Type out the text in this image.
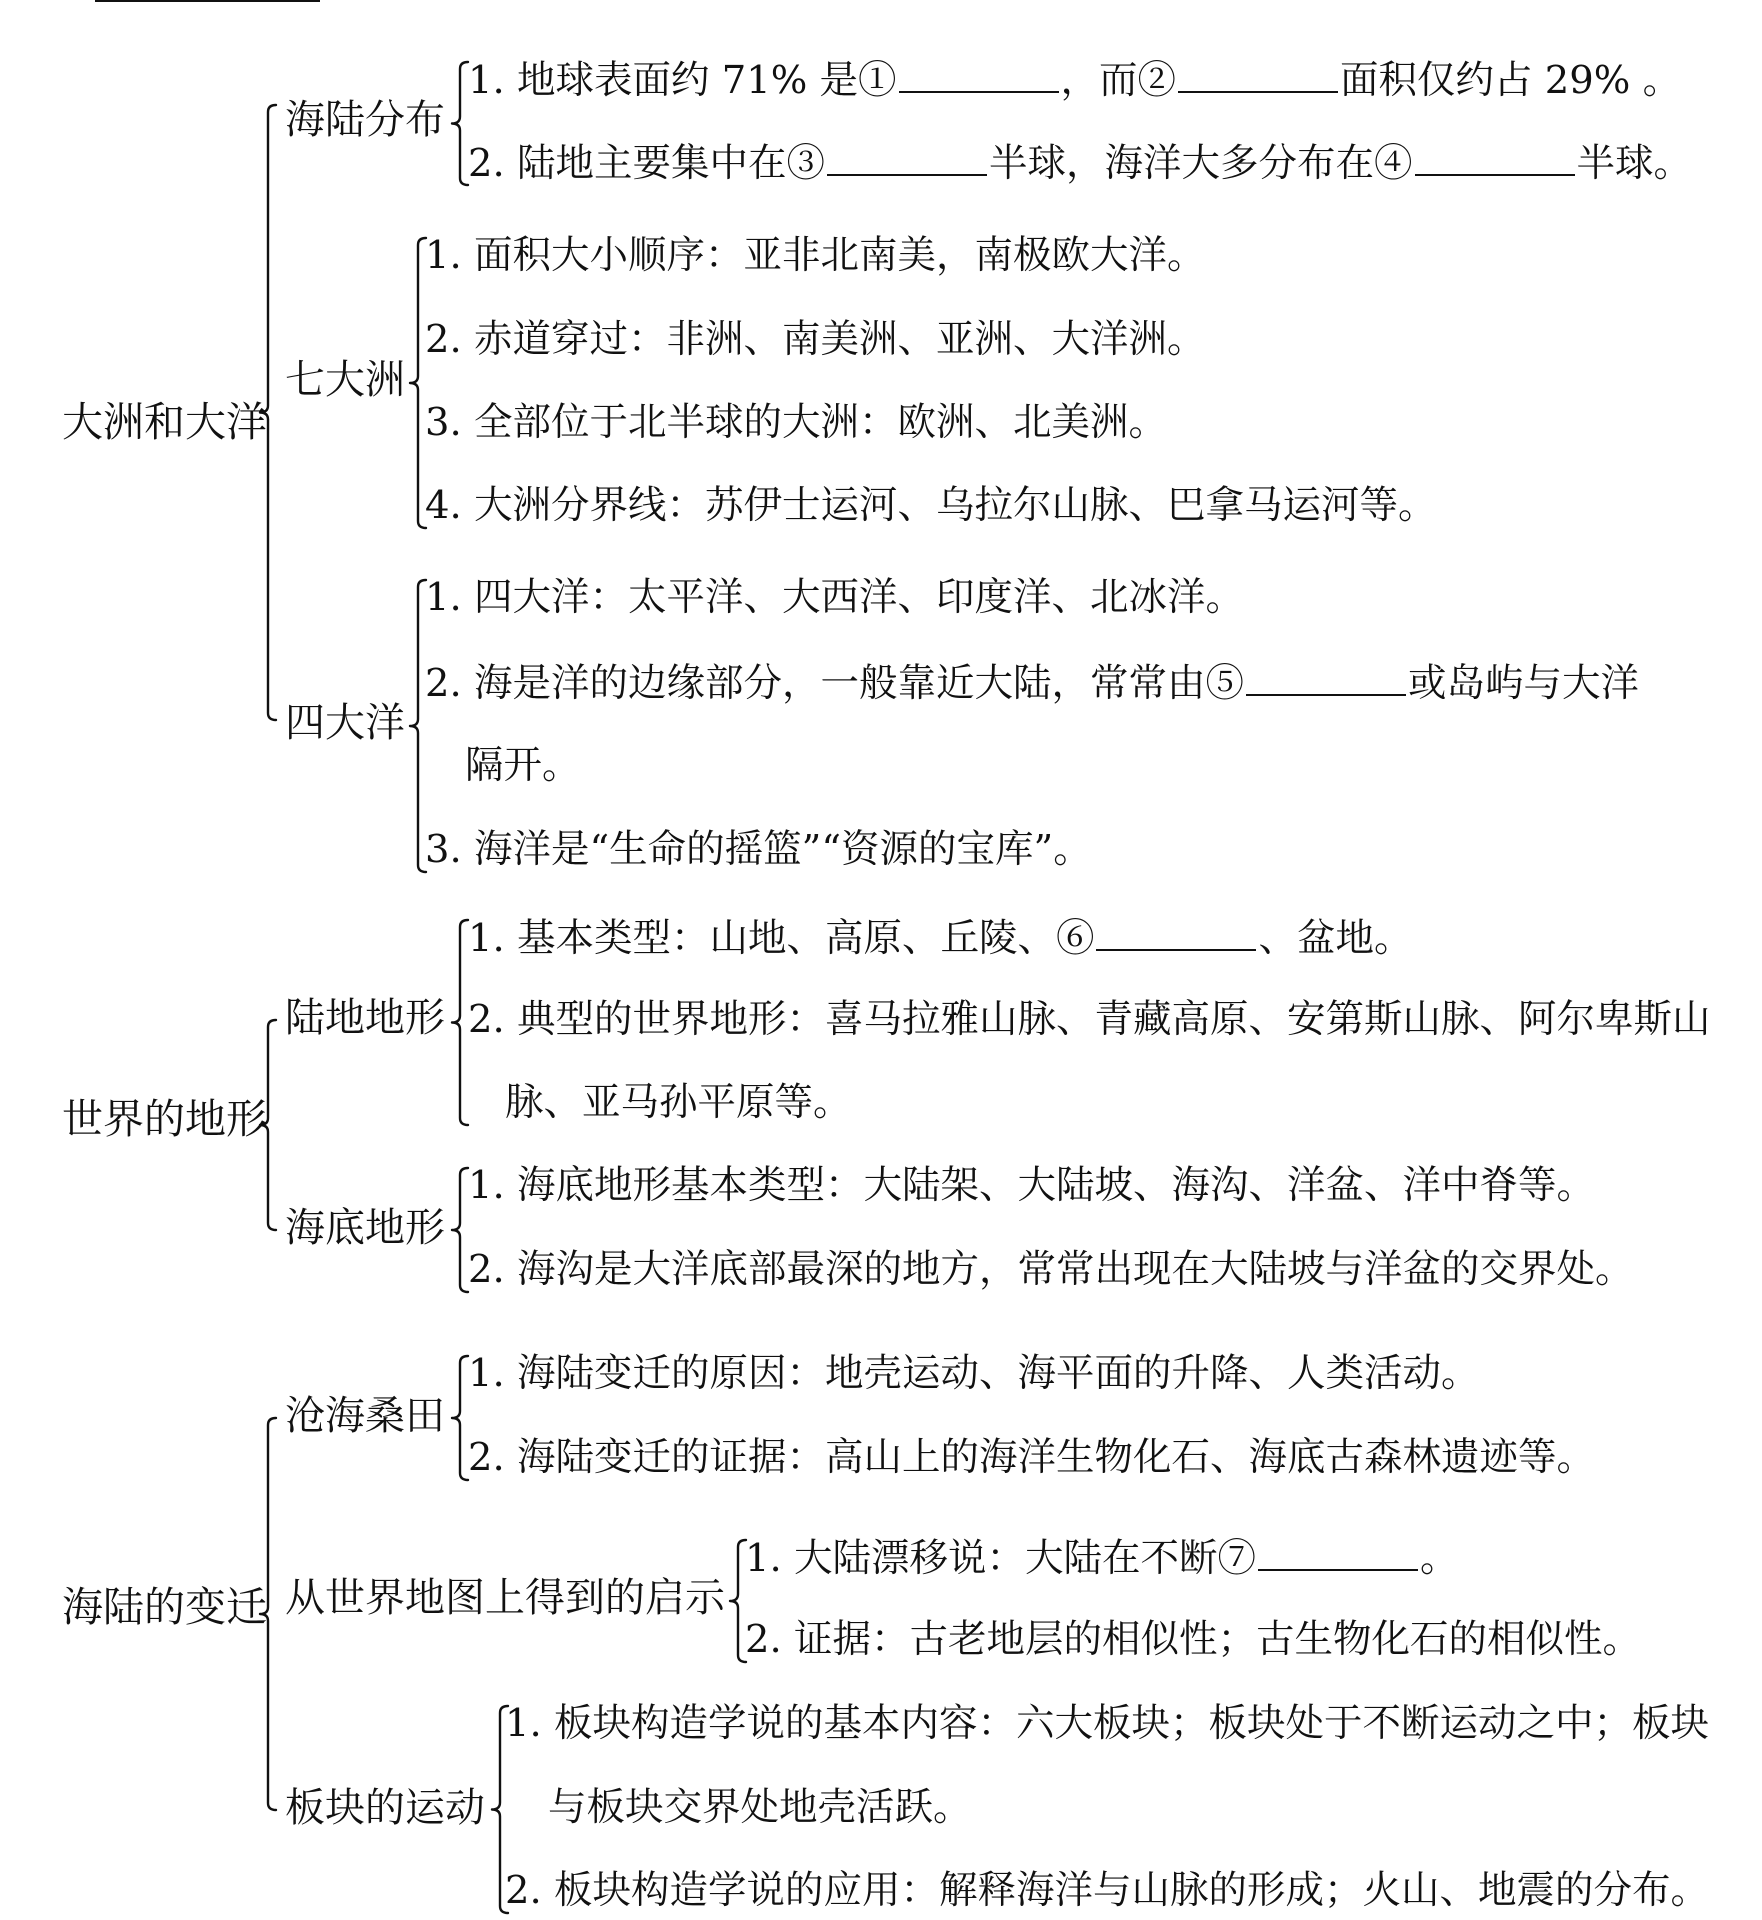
大洲和大洋
海陆分布
1. 地球表面约 71% 是①	，而②	面积仅约占 29% 。
2. 陆地主要集中在③	半球，海洋大多分布在④	半球。
七大洲
1. 面积大小顺序：亚非北南美，南极欧大洋。
2. 赤道穿过：非洲、南美洲、亚洲、大洋洲。
3. 全部位于北半球的大洲：欧洲、北美洲。
4. 大洲分界线：苏伊士运河、乌拉尔山脉、巴拿马运河等。
四大洋
1. 四大洋：太平洋、大西洋、印度洋、北冰洋。
2. 海是洋的边缘部分，一般靠近大陆，常常由⑤	或岛屿与大洋
隔开。
3. 海洋是“生命的摇篮”“资源的宝库”。
世界的地形
陆地地形
1. 基本类型：山地、高原、丘陵、⑥	、盆地。
2. 典型的世界地形：喜马拉雅山脉、青藏高原、安第斯山脉、阿尔卑斯山
脉、亚马孙平原等。
海底地形
1. 海底地形基本类型：大陆架、大陆坡、海沟、洋盆、洋中脊等。
2. 海沟是大洋底部最深的地方，常常出现在大陆坡与洋盆的交界处。
海陆的变迁
沧海桑田
1. 海陆变迁的原因：地壳运动、海平面的升降、人类活动。
2. 海陆变迁的证据：高山上的海洋生物化石、海底古森林遗迹等。
从世界地图上得到的启示
1. 大陆漂移说：大陆在不断⑦	。
2. 证据：古老地层的相似性；古生物化石的相似性。
板块的运动
1. 板块构造学说的基本内容：六大板块；板块处于不断运动之中；板块
与板块交界处地壳活跃。
2. 板块构造学说的应用：解释海洋与山脉的形成；火山、地震的分布。
